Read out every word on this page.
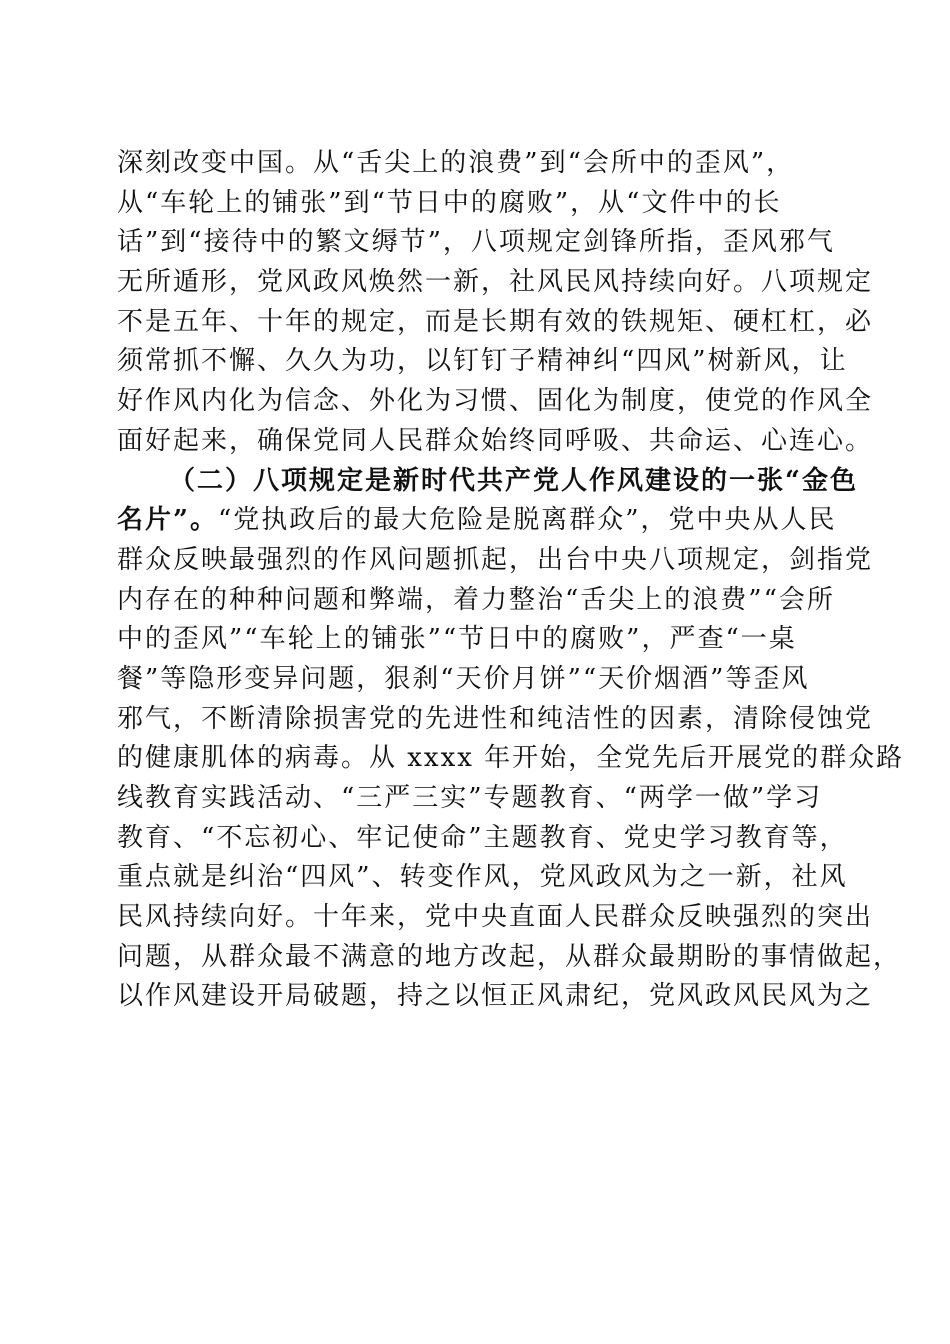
深刻改变中国。从“舌尖上的浪费”到“会所中的歪风”，
从“车轮上的铺张”到“节日中的腐败”，从“文件中的长
话”到“接待中的繁文缛节”，八项规定剑锋所指，歪风邪气
无所遁形，党风政风焕然一新，社风民风持续向好。八项规定
不是五年、十年的规定，而是长期有效的铁规矩、硬杠杠，必
须常抓不懈、久久为功，以钉钉子精神纠“四风”树新风，让
好作风内化为信念、外化为习惯、固化为制度，使党的作风全
面好起来，确保党同人民群众始终同呼吸、共命运、心连心。
（二）八项规定是新时代共产党人作风建设的一张“金色
名片”。“党执政后的最大危险是脱离群众”，党中央从人民
群众反映最强烈的作风问题抓起，出台中央八项规定，剑指党
内存在的种种问题和弊端，着力整治“舌尖上的浪费”“会所
中的歪风”“车轮上的铺张”“节日中的腐败”，严查“一桌
餐”等隐形变异问题，狠刹“天价月饼”“天价烟酒”等歪风
邪气，不断清除损害党的先进性和纯洁性的因素，清除侵蚀党
的健康肌体的病毒。从 xxxx 年开始，全党先后开展党的群众路
线教育实践活动、“三严三实”专题教育、“两学一做”学习
教育、“不忘初心、牢记使命”主题教育、党史学习教育等，
重点就是纠治“四风”、转变作风，党风政风为之一新，社风
民风持续向好。十年来，党中央直面人民群众反映强烈的突出
问题，从群众最不满意的地方改起，从群众最期盼的事情做起，
以作风建设开局破题，持之以恒正风肃纪，党风政风民风为之
